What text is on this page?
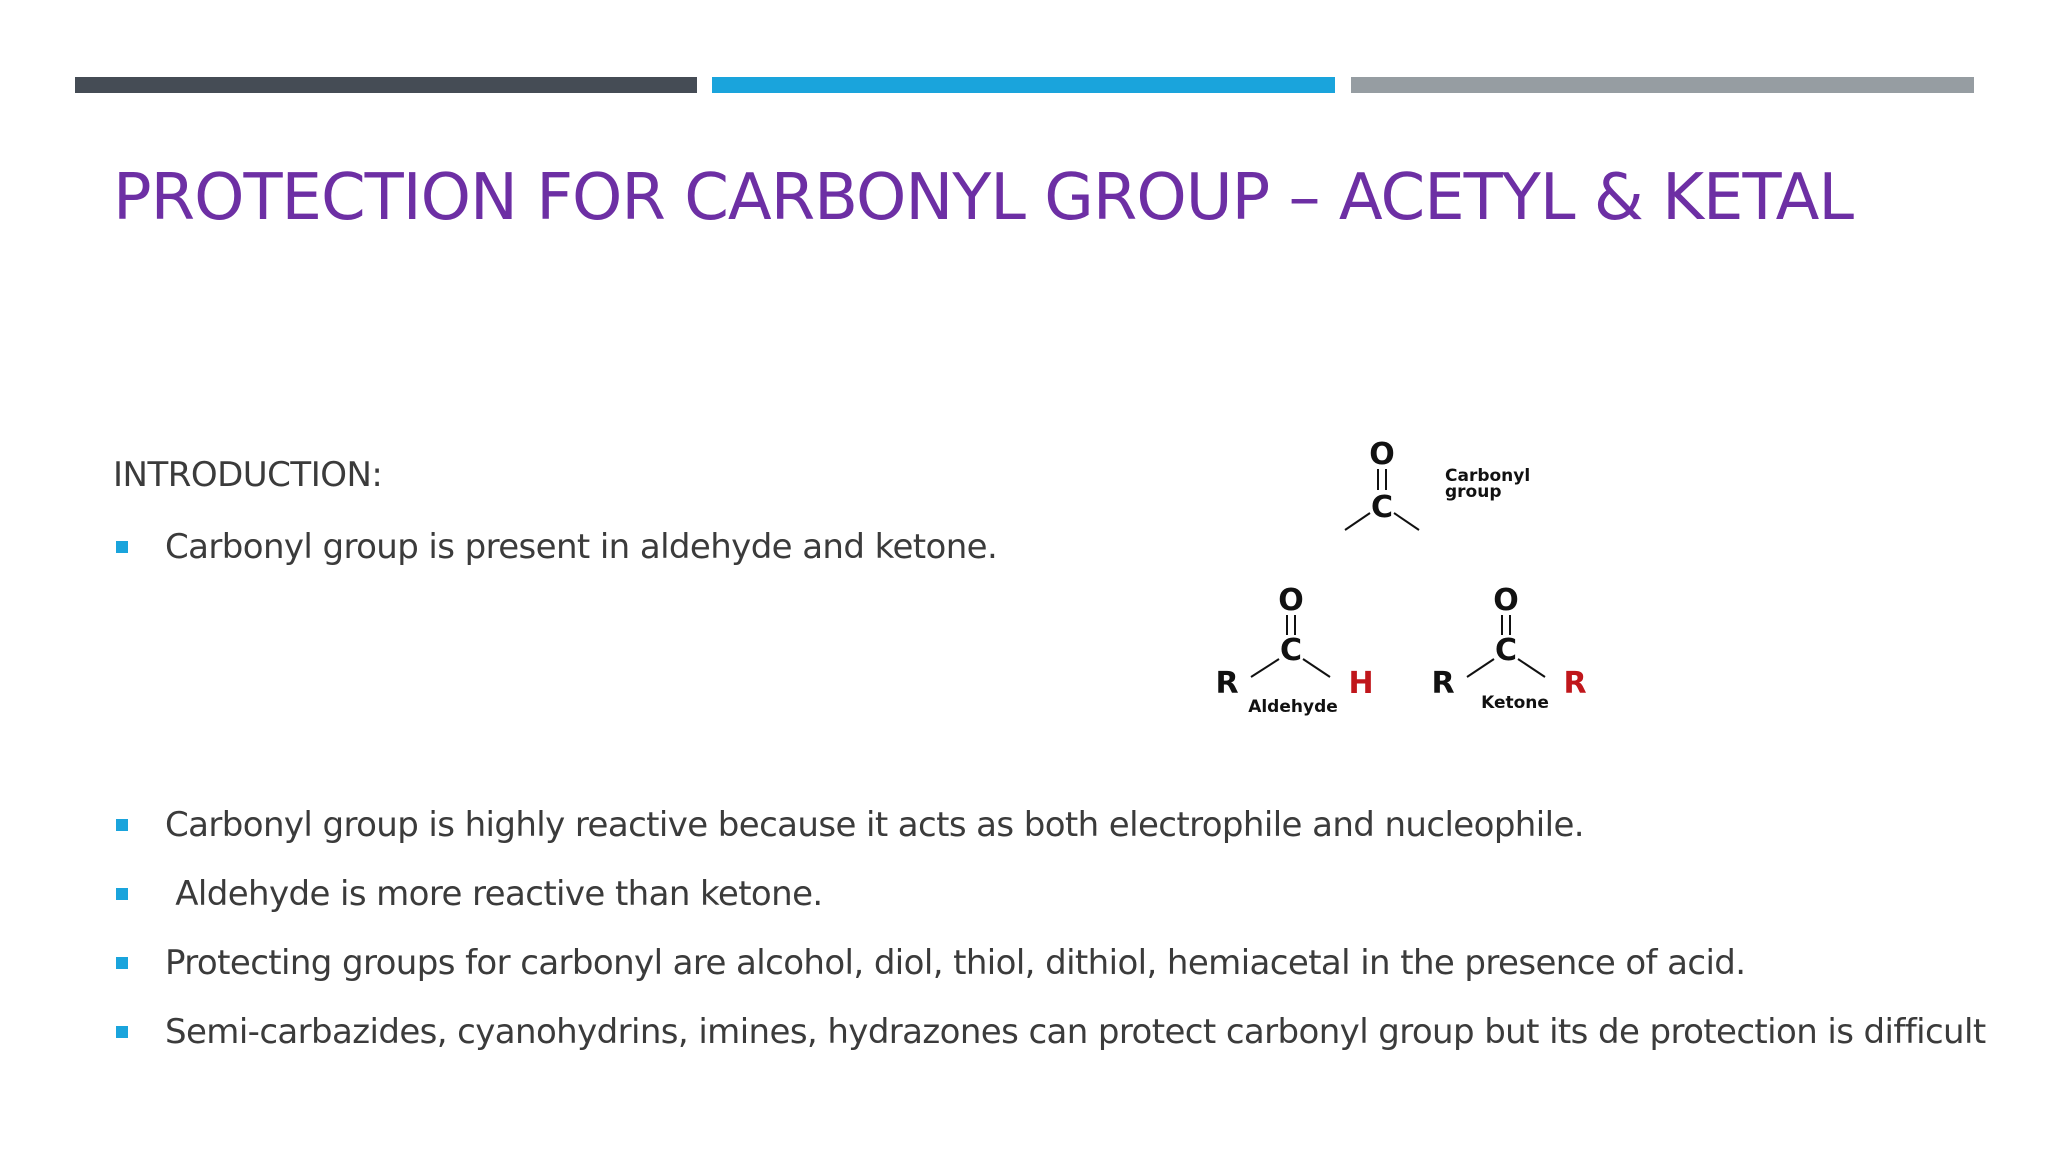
PROTECTION FOR CARBONYL GROUP – ACETYL & KETAL
INTRODUCTION:
Carbonyl group is present in aldehyde and ketone.
Carbonyl group is highly reactive because it acts as both electrophile and nucleophile.
Aldehyde is more reactive than ketone.
Protecting groups for carbonyl are alcohol, diol, thiol, dithiol, hemiacetal in the presence of acid.
Semi-carbazides, cyanohydrins, imines, hydrazones can protect carbonyl group but its de protection is difficult
O
C
Carbonyl
group
O
C
R	H
Aldehyde
O
C
R	R
Ketone
